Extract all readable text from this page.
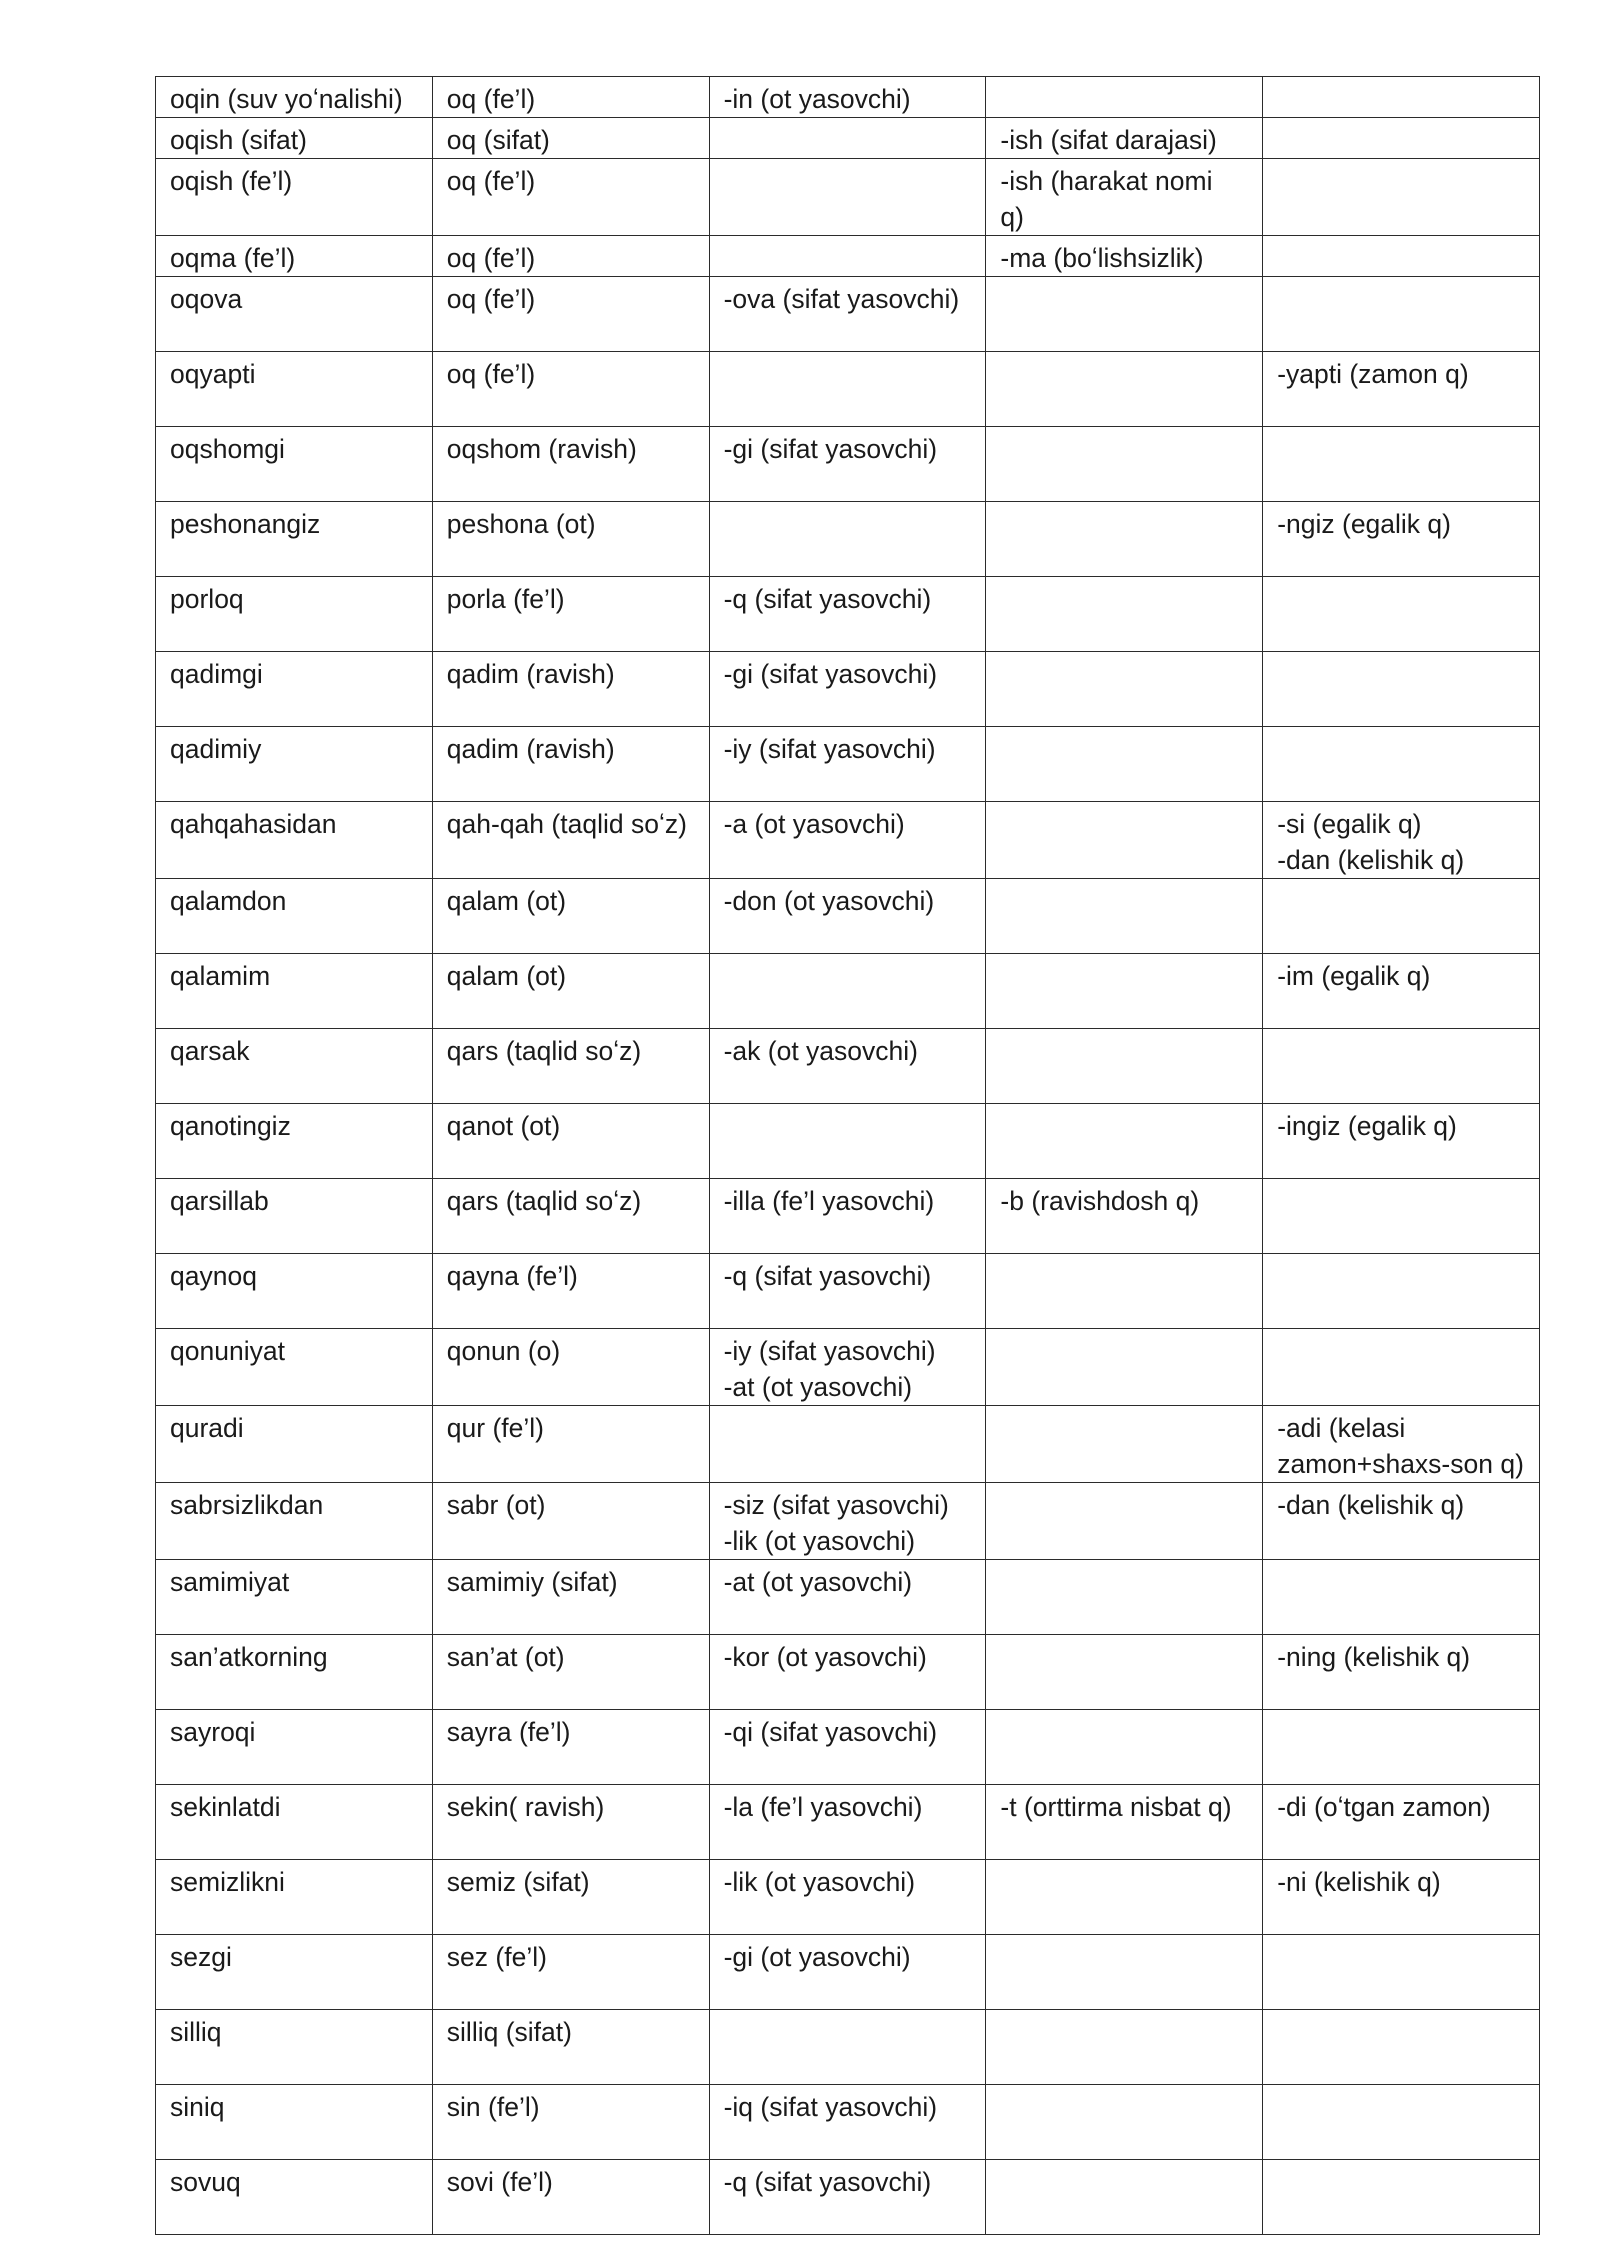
oqin (suv yoʻnalishi)	oq (fe’l)	-in (ot yasovchi)		
oqish (sifat)	oq (sifat)		-ish (sifat darajasi)	
oqish (fe’l)	oq (fe’l)		-ish (harakat nomi
q)	
oqma (fe’l)	oq (fe’l)		-ma (boʻlishsizlik)	
oqova	oq (fe’l)	-ova (sifat yasovchi)		
oqyapti	oq (fe’l)			-yapti (zamon q)
oqshomgi	oqshom (ravish)	-gi (sifat yasovchi)		
peshonangiz	peshona (ot)			-ngiz (egalik q)
porloq	porla (fe’l)	-q (sifat yasovchi)		
qadimgi	qadim (ravish)	-gi (sifat yasovchi)		
qadimiy	qadim (ravish)	-iy (sifat yasovchi)		
qahqahasidan	qah-qah (taqlid soʻz)	-a (ot yasovchi)		-si (egalik q)
-dan (kelishik q)
qalamdon	qalam (ot)	-don (ot yasovchi)		
qalamim	qalam (ot)			-im (egalik q)
qarsak	qars (taqlid soʻz)	-ak (ot yasovchi)		
qanotingiz	qanot (ot)			-ingiz (egalik q)
qarsillab	qars (taqlid soʻz)	-illa (fe’l yasovchi)	-b (ravishdosh q)	
qaynoq	qayna (fe’l)	-q (sifat yasovchi)		
qonuniyat	qonun (o)	-iy (sifat yasovchi)
-at (ot yasovchi)		
quradi	qur (fe’l)			-adi (kelasi
zamon+shaxs-son q)
sabrsizlikdan	sabr (ot)	-siz (sifat yasovchi)
-lik (ot yasovchi)		-dan (kelishik q)
samimiyat	samimiy (sifat)	-at (ot yasovchi)		
san’atkorning	san’at (ot)	-kor (ot yasovchi)		-ning (kelishik q)
sayroqi	sayra (fe’l)	-qi (sifat yasovchi)		
sekinlatdi	sekin( ravish)	-la (fe’l yasovchi)	-t (orttirma nisbat q)	-di (oʻtgan zamon)
semizlikni	semiz (sifat)	-lik (ot yasovchi)		-ni (kelishik q)
sezgi	sez (fe’l)	-gi (ot yasovchi)		
silliq	silliq (sifat)			
siniq	sin (fe’l)	-iq (sifat yasovchi)		
sovuq	sovi (fe’l)	-q (sifat yasovchi)		
